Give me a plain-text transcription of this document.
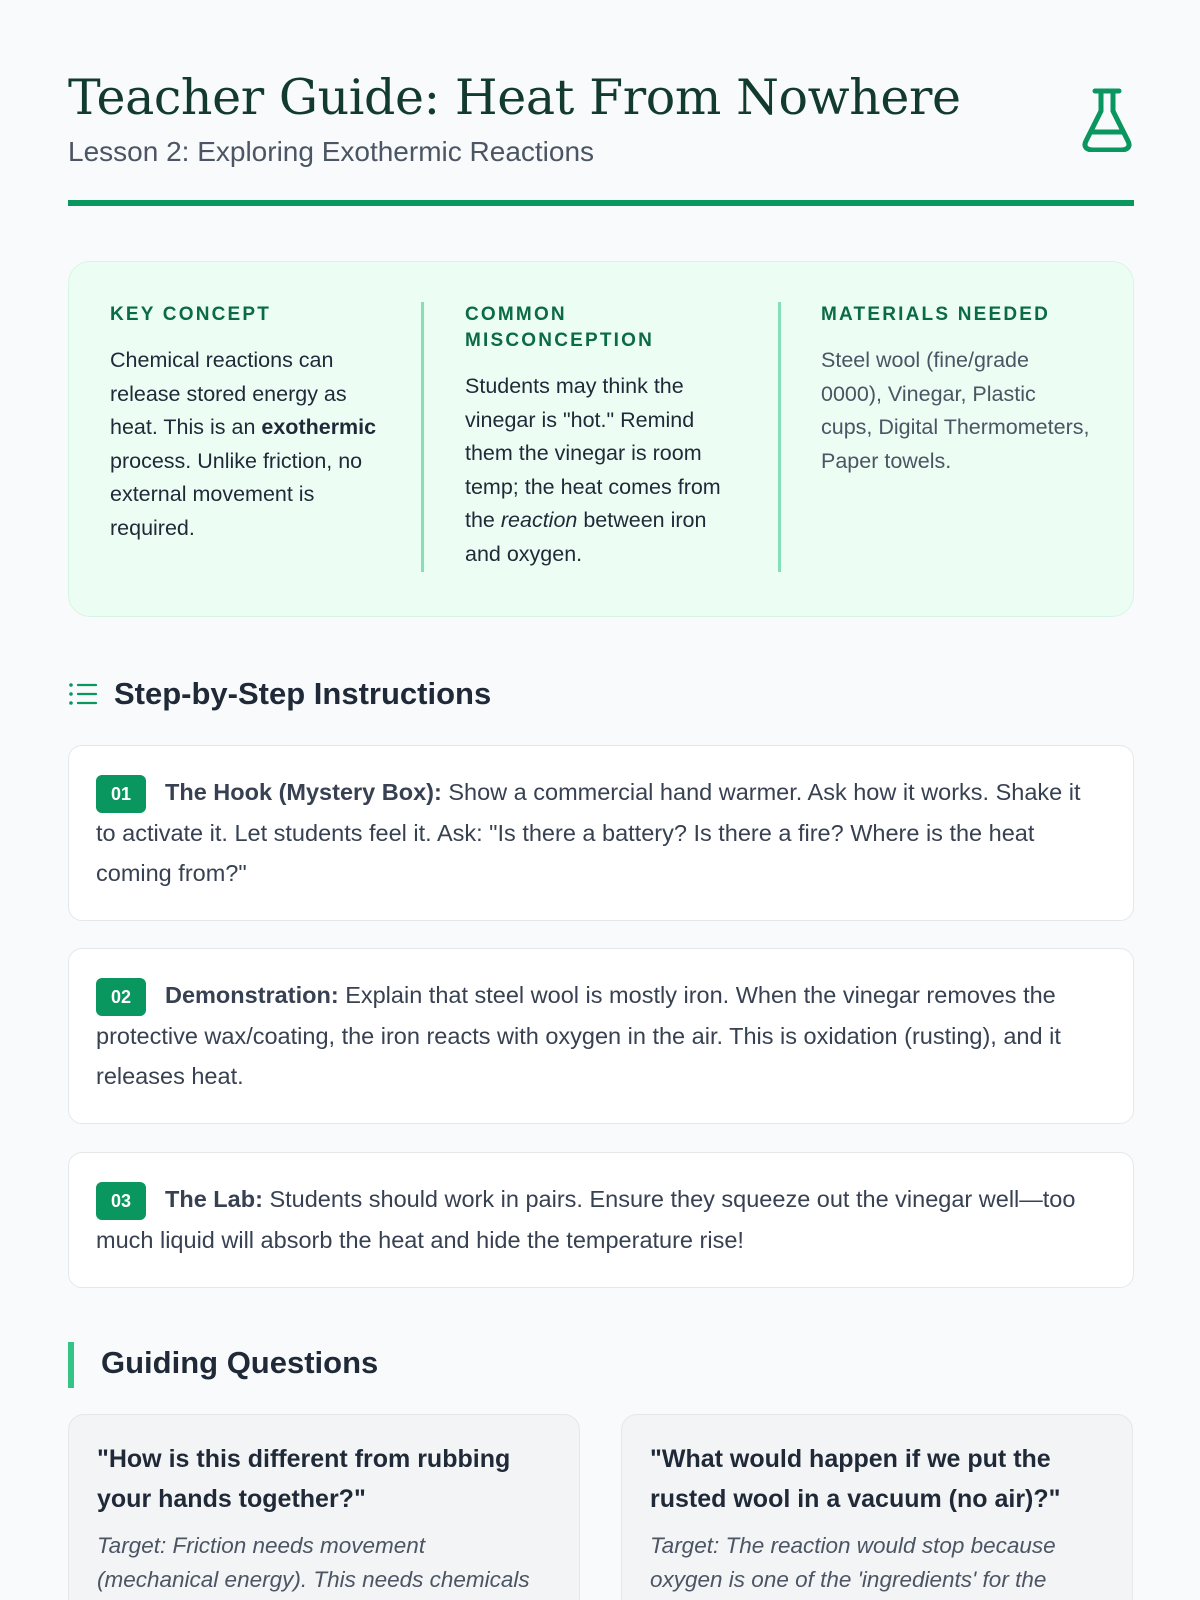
Teacher Guide: Heat From Nowhere

Lesson 2: Exploring Exothermic Reactions

KEY CONCEPT

Chemical reactions can release stored energy as heat. This is an exothermic process. Unlike friction, no external movement is required.

COMMON MISCONCEPTION

Students may think the vinegar is "hot." Remind them the vinegar is room temp; the heat comes from the reaction between iron and oxygen.

MATERIALS NEEDED

Steel wool (fine/grade 0000), Vinegar, Plastic cups, Digital Thermometers, Paper towels.

Step-by-Step Instructions
01 The Hook (Mystery Box): Show a commercial hand warmer. Ask how it works. Shake it to activate it. Let students feel it. Ask: "Is there a battery? Is there a fire? Where is the heat coming from?"
02 Demonstration: Explain that steel wool is mostly iron. When the vinegar removes the protective wax/coating, the iron reacts with oxygen in the air. This is oxidation (rusting), and it releases heat.
03 The Lab: Students should work in pairs. Ensure they squeeze out the vinegar well—too much liquid will absorb the heat and hide the temperature rise!
Guiding Questions

"How is this different from rubbing your hands together?"

Target: Friction needs movement (mechanical energy). This needs chemicals

"What would happen if we put the rusted wool in a vacuum (no air)?"

Target: The reaction would stop because oxygen is one of the 'ingredients' for the
